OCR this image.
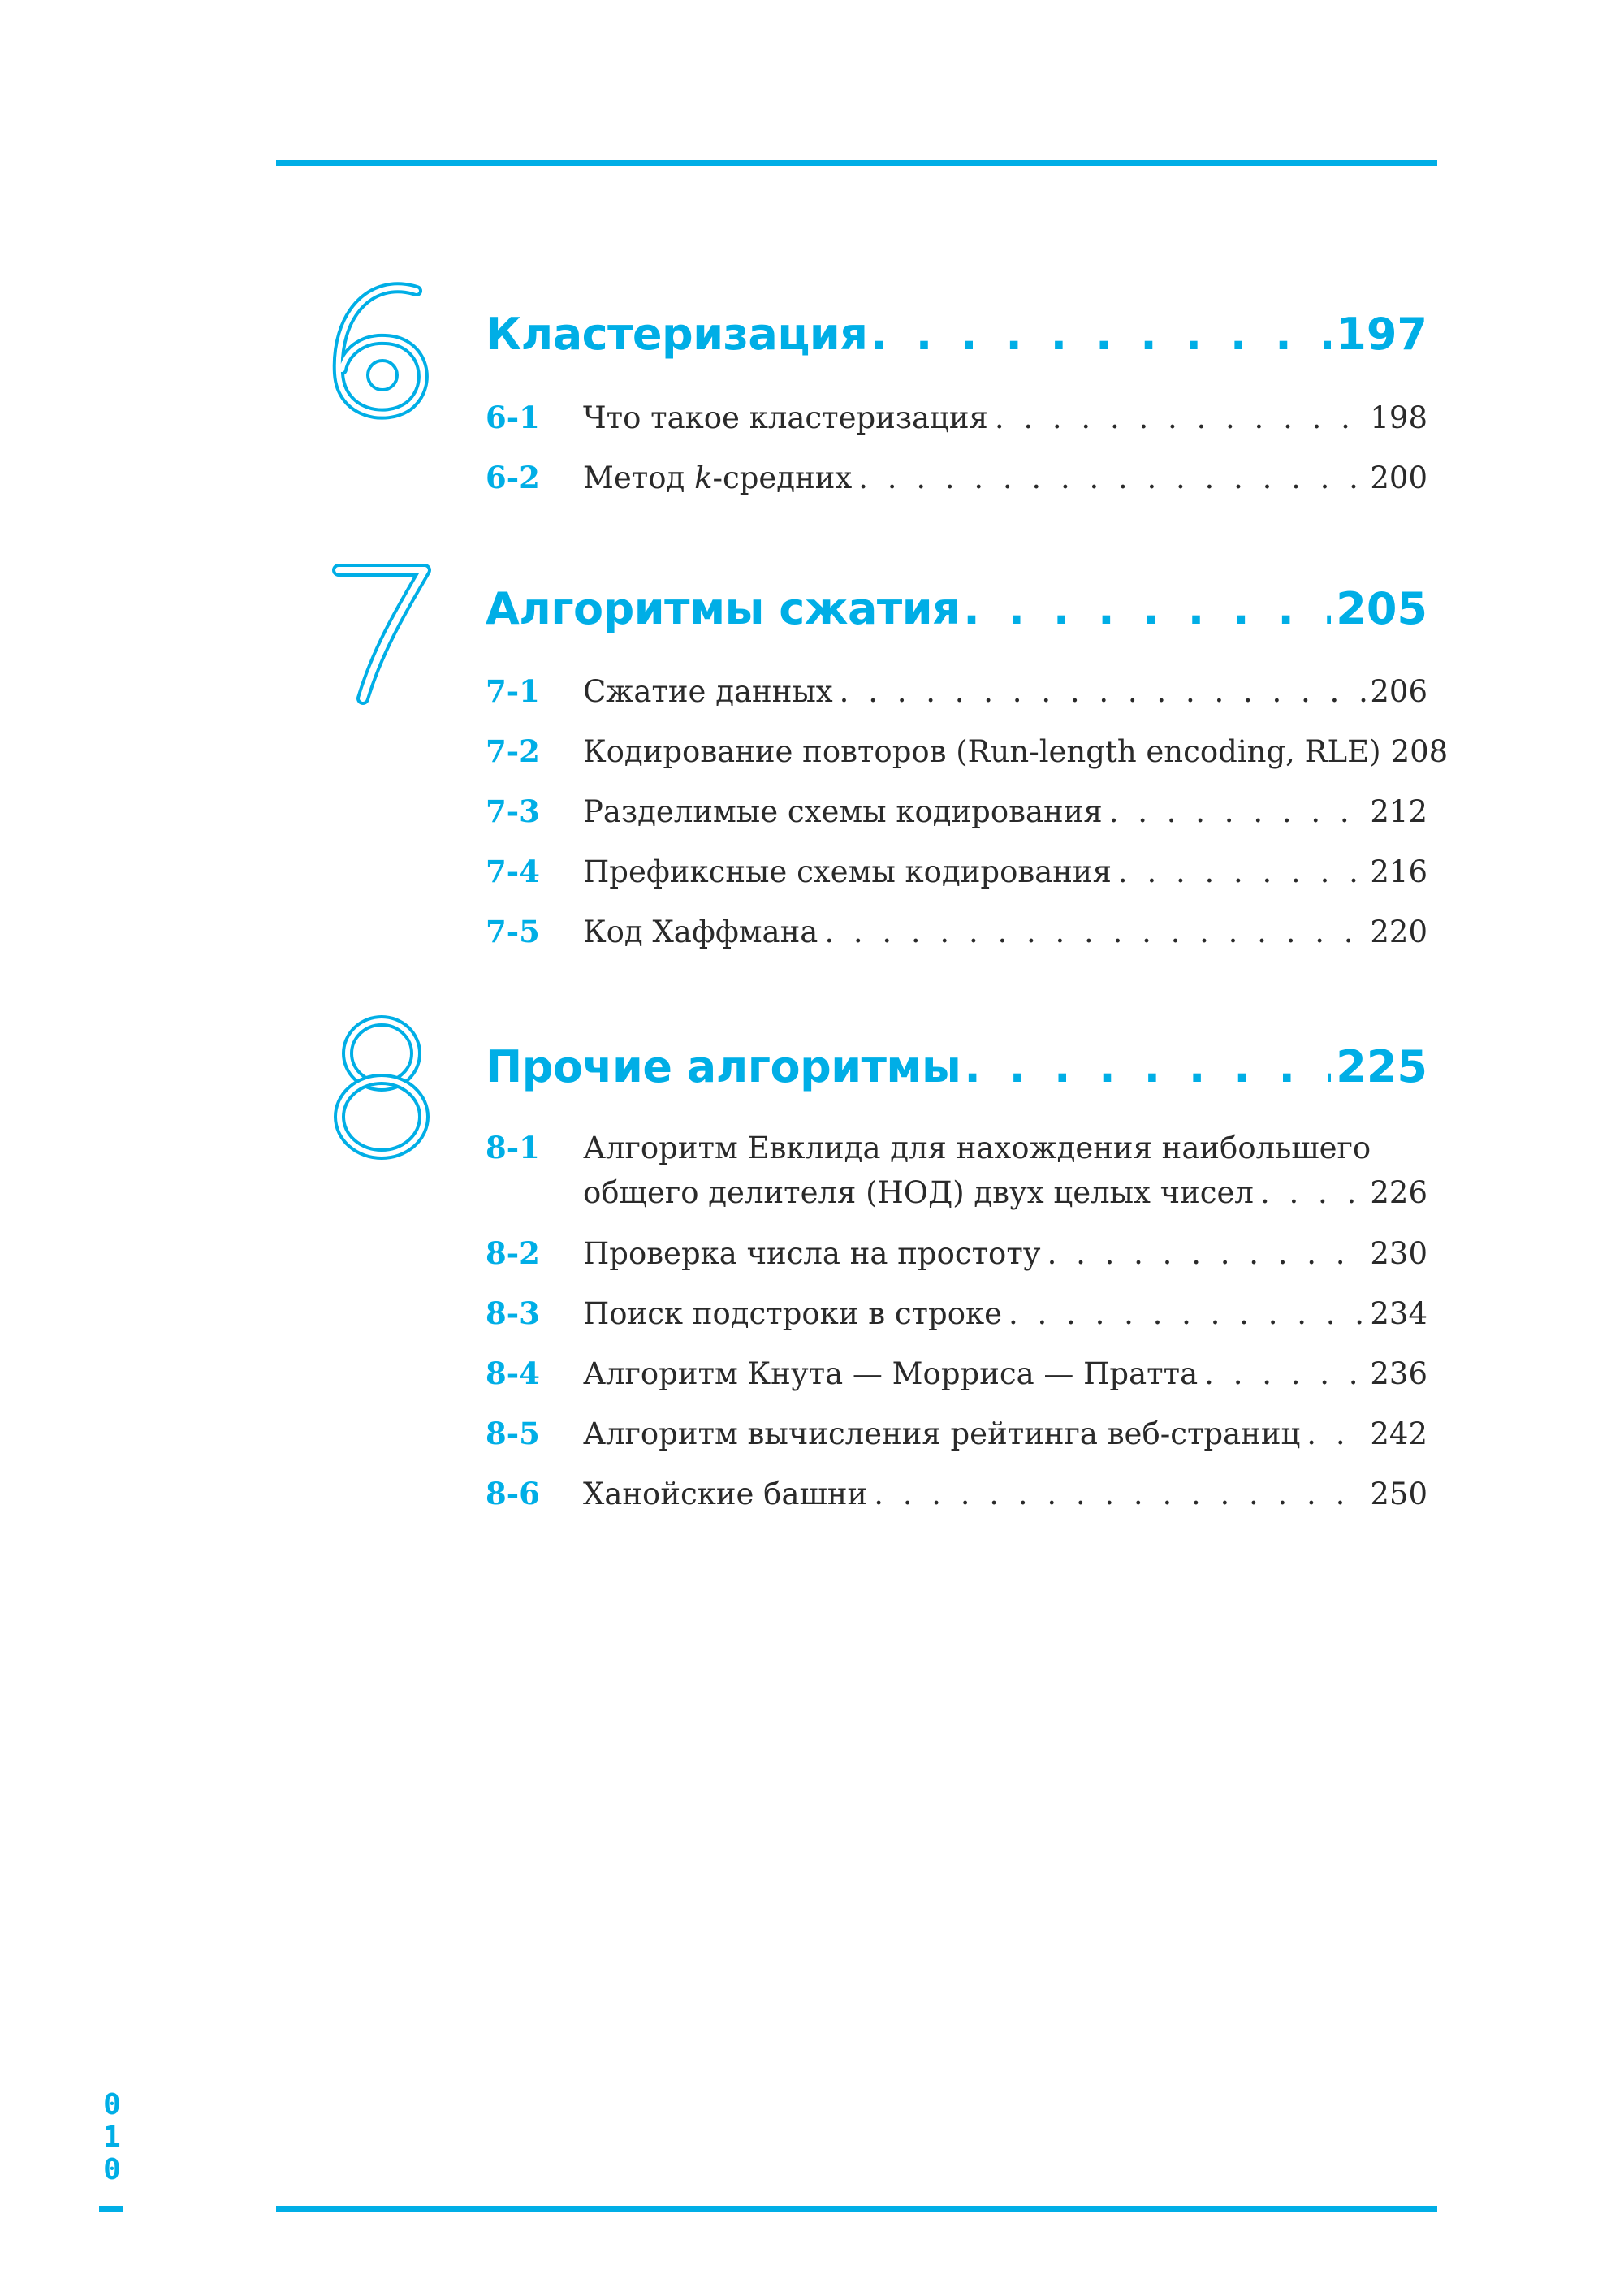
Кластеризация . . .	197
6-1	Что такое кластеризация . . .	198
6-2	Метод k-средних . . .	200
Алгоритмы сжатия . . .	205
7-1	Сжатие данных . . .	206
7-2	Кодирование повторов (Run-length encoding, RLE) 208
7-3	Разделимые схемы кодирования . . .	212
7-4	Префиксные схемы кодирования . . .	216
7-5	Код Хаффмана . . .	220
Прочие алгоритмы . . .	225
8-1	Алгоритм Евклида для нахождения наибольшего
общего делителя (НОД) двух целых чисел . . .	226
8-2	Проверка числа на простоту . . .	230
8-3	Поиск подстроки в строке . . .	234
8-4	Алгоритм Кнута — Морриса — Пратта . . .	236
8-5	Алгоритм вычисления рейтинга веб-страниц . . . 242
8-6	Ханойские башни . . .	250
0
1
0
